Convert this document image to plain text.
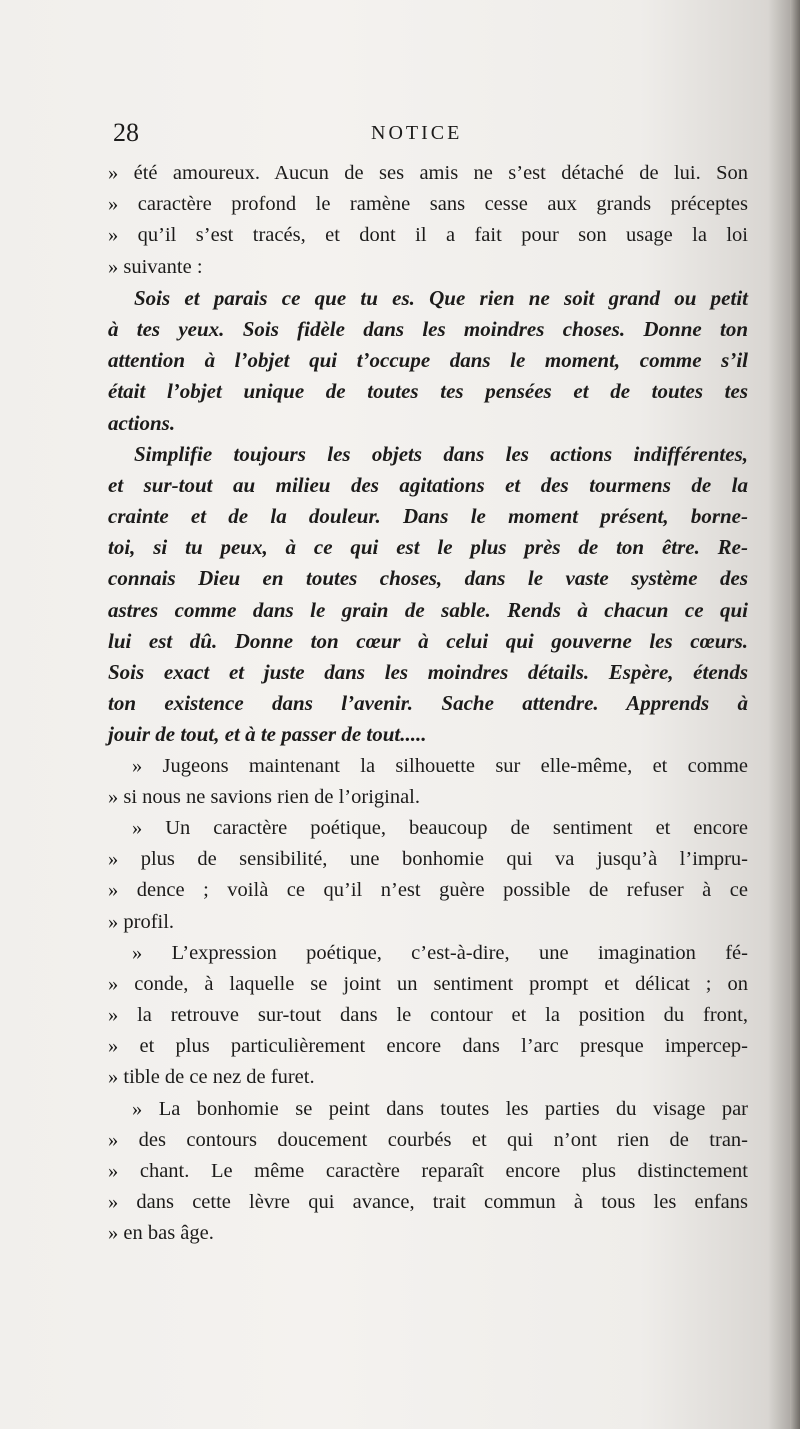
28	NOTICE
» été amoureux. Aucun de ses amis ne s’est détaché de lui. Son
» caractère profond le ramène sans cesse aux grands préceptes
» qu’il s’est tracés, et dont il a fait pour son usage la loi
» suivante :
Sois et parais ce que tu es. Que rien ne soit grand ou petit
à tes yeux. Sois fidèle dans les moindres choses. Donne ton
attention à l’objet qui t’occupe dans le moment, comme s’il
était l’objet unique de toutes tes pensées et de toutes tes
actions.
Simplifie toujours les objets dans les actions indifférentes,
et sur-tout au milieu des agitations et des tourmens de la
crainte et de la douleur. Dans le moment présent, borne-
toi, si tu peux, à ce qui est le plus près de ton être. Re-
connais Dieu en toutes choses, dans le vaste système des
astres comme dans le grain de sable. Rends à chacun ce qui
lui est dû. Donne ton cœur à celui qui gouverne les cœurs.
Sois exact et juste dans les moindres détails. Espère, étends
ton existence dans l’avenir. Sache attendre. Apprends à
jouir de tout, et à te passer de tout.....
» Jugeons maintenant la silhouette sur elle-même, et comme
» si nous ne savions rien de l’original.
» Un caractère poétique, beaucoup de sentiment et encore
» plus de sensibilité, une bonhomie qui va jusqu’à l’impru-
» dence ; voilà ce qu’il n’est guère possible de refuser à ce
» profil.
» L’expression poétique, c’est-à-dire, une imagination fé-
» conde, à laquelle se joint un sentiment prompt et délicat ; on
» la retrouve sur-tout dans le contour et la position du front,
» et plus particulièrement encore dans l’arc presque impercep-
» tible de ce nez de furet.
» La bonhomie se peint dans toutes les parties du visage par
» des contours doucement courbés et qui n’ont rien de tran-
» chant. Le même caractère reparaît encore plus distinctement
» dans cette lèvre qui avance, trait commun à tous les enfans
» en bas âge.
